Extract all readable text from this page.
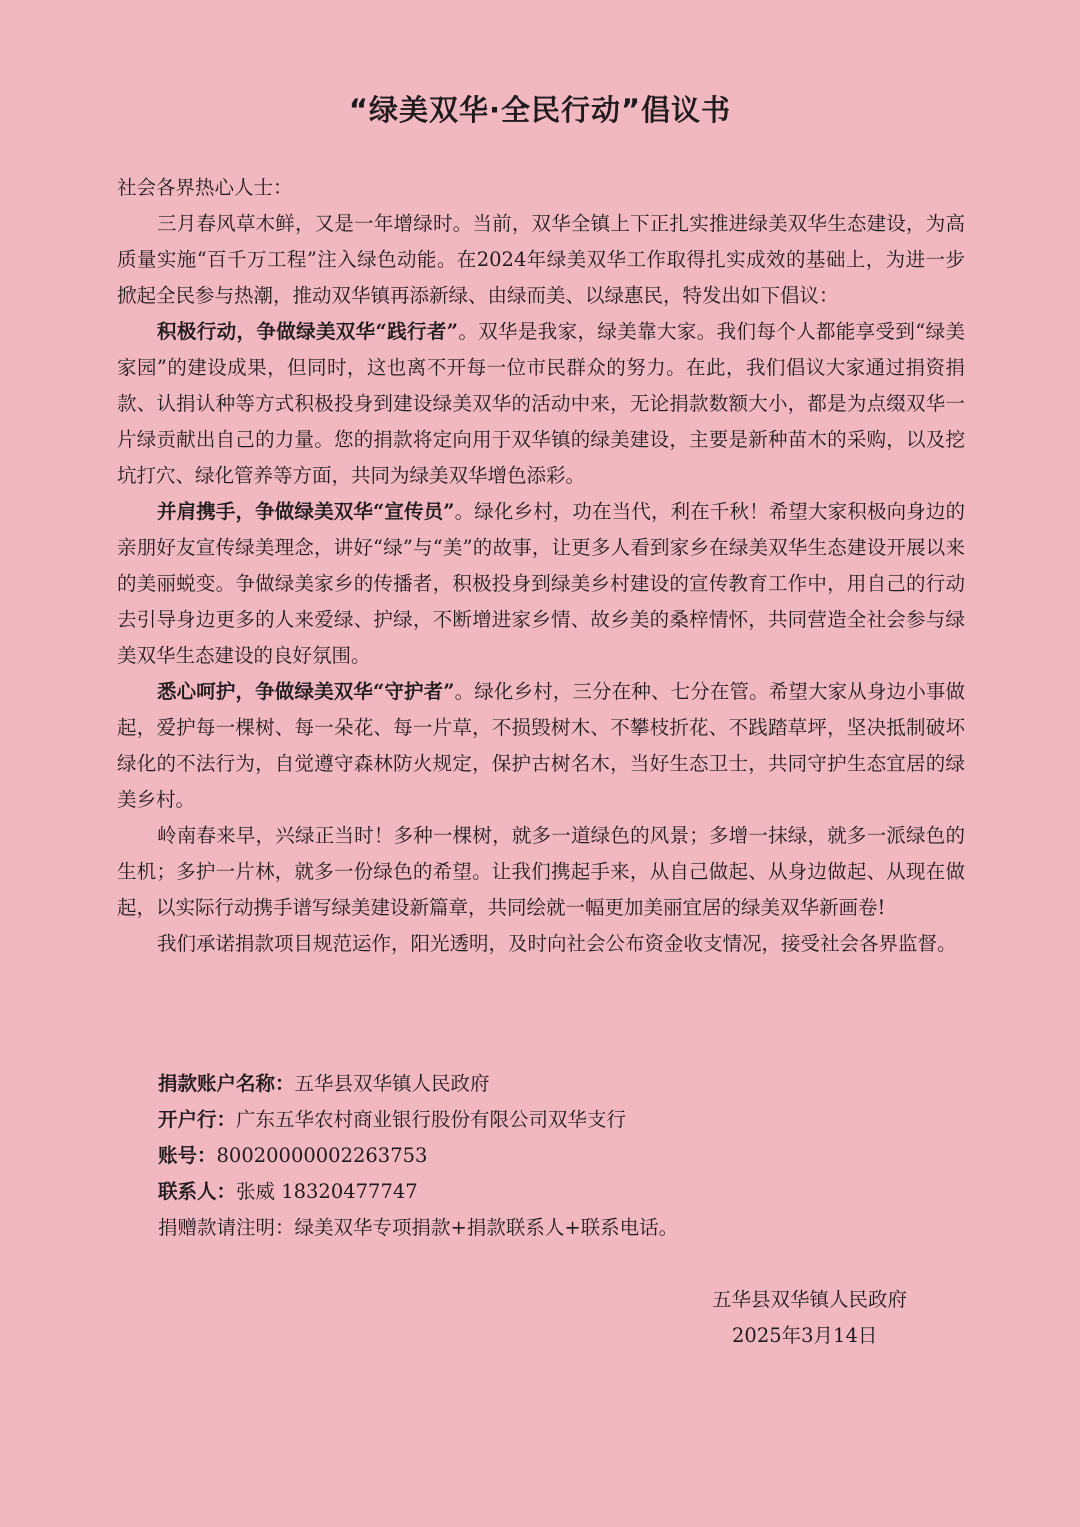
“绿美双华·全民行动”倡议书

社会各界热心人士：

三月春风草木鲜，又是一年增绿时。当前，双华全镇上下正扎实推进绿美双华生态建设，为高质量实施“百千万工程”注入绿色动能。在2024年绿美双华工作取得扎实成效的基础上，为进一步掀起全民参与热潮，推动双华镇再添新绿、由绿而美、以绿惠民，特发出如下倡议：

积极行动，争做绿美双华“践行者”。双华是我家，绿美靠大家。我们每个人都能享受到“绿美家园”的建设成果，但同时，这也离不开每一位市民群众的努力。在此，我们倡议大家通过捐资捐款、认捐认种等方式积极投身到建设绿美双华的活动中来，无论捐款数额大小，都是为点缀双华一片绿贡献出自己的力量。您的捐款将定向用于双华镇的绿美建设，主要是新种苗木的采购，以及挖坑打穴、绿化管养等方面，共同为绿美双华增色添彩。

并肩携手，争做绿美双华“宣传员”。绿化乡村，功在当代，利在千秋！希望大家积极向身边的亲朋好友宣传绿美理念，讲好“绿”与“美”的故事，让更多人看到家乡在绿美双华生态建设开展以来的美丽蜕变。争做绿美家乡的传播者，积极投身到绿美乡村建设的宣传教育工作中，用自己的行动去引导身边更多的人来爱绿、护绿，不断增进家乡情、故乡美的桑梓情怀，共同营造全社会参与绿美双华生态建设的良好氛围。

悉心呵护，争做绿美双华“守护者”。绿化乡村，三分在种、七分在管。希望大家从身边小事做起，爱护每一棵树、每一朵花、每一片草，不损毁树木、不攀枝折花、不践踏草坪，坚决抵制破坏绿化的不法行为，自觉遵守森林防火规定，保护古树名木，当好生态卫士，共同守护生态宜居的绿美乡村。

岭南春来早，兴绿正当时！多种一棵树，就多一道绿色的风景；多增一抹绿，就多一派绿色的生机；多护一片林，就多一份绿色的希望。让我们携起手来，从自己做起、从身边做起、从现在做起，以实际行动携手谱写绿美建设新篇章，共同绘就一幅更加美丽宜居的绿美双华新画卷!

我们承诺捐款项目规范运作，阳光透明，及时向社会公布资金收支情况，接受社会各界监督。

捐款账户名称：五华县双华镇人民政府
开户行：广东五华农村商业银行股份有限公司双华支行
账号：80020000002263753
联系人：张威 18320477747
捐赠款请注明：绿美双华专项捐款+捐款联系人+联系电话。
五华县双华镇人民政府
2025年3月14日
